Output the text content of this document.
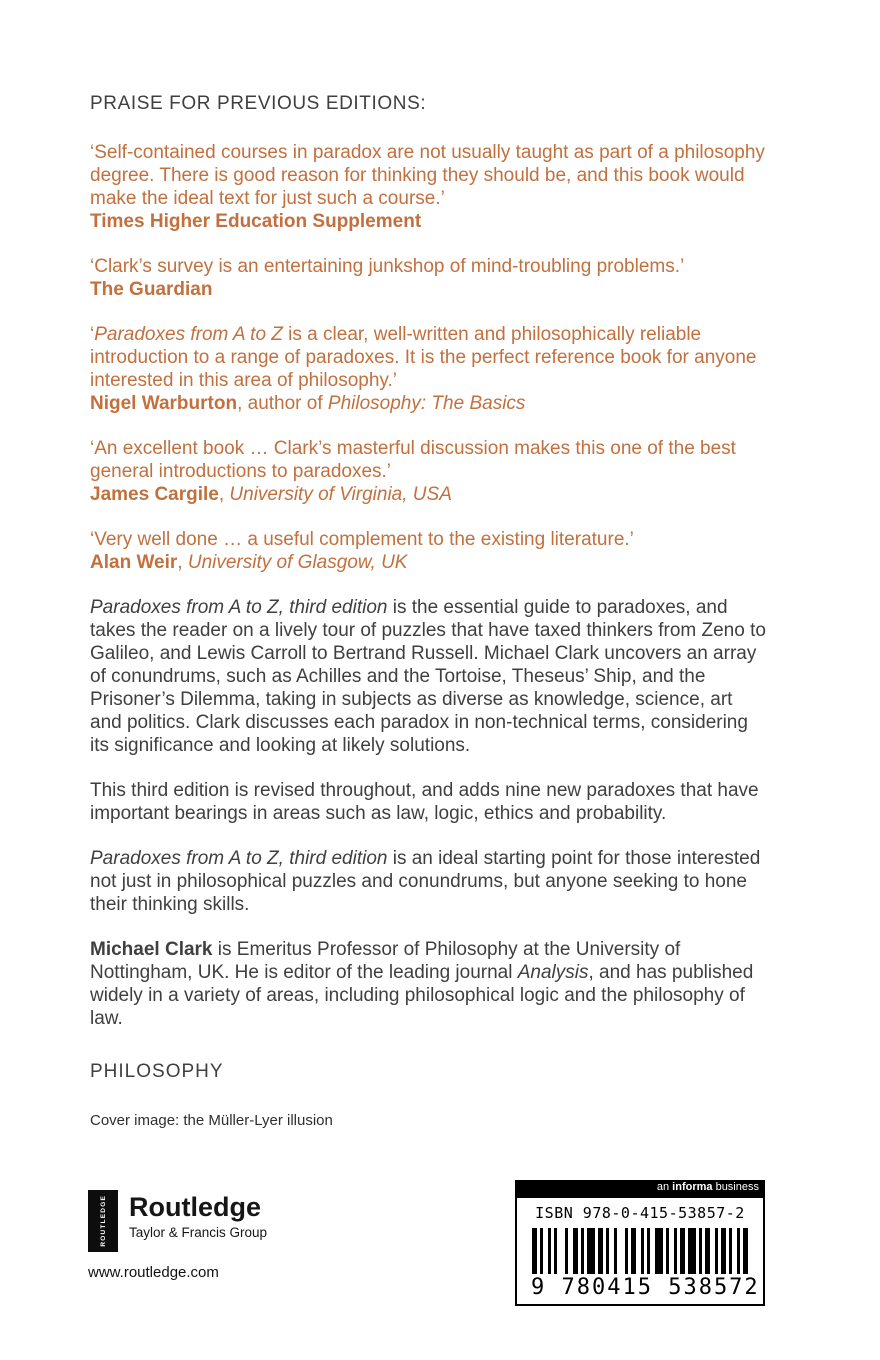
PRAISE FOR PREVIOUS EDITIONS:

‘Self-contained courses in paradox are not usually taught as part of a philosophy degree. There is good reason for thinking they should be, and this book would make the ideal text for just such a course.’

Times Higher Education Supplement

‘Clark’s survey is an entertaining junkshop of mind-troubling problems.’

The Guardian

‘Paradoxes from A to Z is a clear, well-written and philosophically reliable introduction to a range of paradoxes. It is the perfect reference book for anyone interested in this area of philosophy.’

Nigel Warburton, author of Philosophy: The Basics

‘An excellent book … Clark’s masterful discussion makes this one of the best general introductions to paradoxes.’

James Cargile, University of Virginia, USA

‘Very well done … a useful complement to the existing literature.’

Alan Weir, University of Glasgow, UK

Paradoxes from A to Z, third edition is the essential guide to paradoxes, and takes the reader on a lively tour of puzzles that have taxed thinkers from Zeno to Galileo, and Lewis Carroll to Bertrand Russell. Michael Clark uncovers an array of conundrums, such as Achilles and the Tortoise, Theseus’ Ship, and the Prisoner’s Dilemma, taking in subjects as diverse as knowledge, science, art and politics. Clark discusses each paradox in non-technical terms, considering its significance and looking at likely solutions.

This third edition is revised throughout, and adds nine new paradoxes that have important bearings in areas such as law, logic, ethics and probability.

Paradoxes from A to Z, third edition is an ideal starting point for those interested not just in philosophical puzzles and conundrums, but anyone seeking to hone their thinking skills.

Michael Clark is Emeritus Professor of Philosophy at the University of Nottingham, UK. He is editor of the leading journal Analysis, and has published widely in a variety of areas, including philosophical logic and the philosophy of law.

PHILOSOPHY

Cover image: the Müller-Lyer illusion

ROUTLEDGE Routledge
Taylor & Francis Group
www.routledge.com
an informa business
ISBN 978-0-415-53857-2
9 780415 538572
